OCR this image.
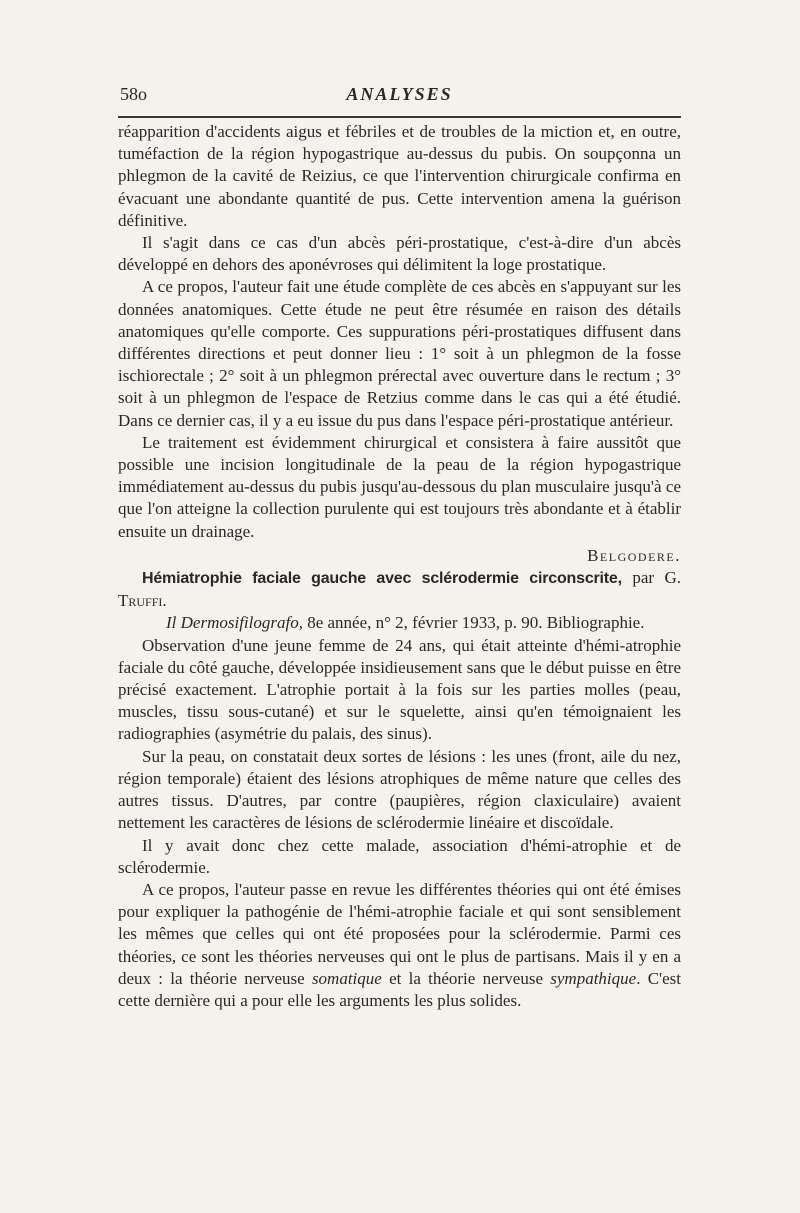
58o	ANALYSES

réapparition d'accidents aigus et fébriles et de troubles de la miction et, en outre, tuméfaction de la région hypogastrique au-dessus du pubis. On soupçonna un phlegmon de la cavité de Reizius, ce que l'intervention chirurgicale confirma en évacuant une abondante quantité de pus. Cette intervention amena la guérison définitive.

Il s'agit dans ce cas d'un abcès péri-prostatique, c'est-à-dire d'un abcès développé en dehors des aponévroses qui délimitent la loge prostatique.

A ce propos, l'auteur fait une étude complète de ces abcès en s'appuyant sur les données anatomiques. Cette étude ne peut être résumée en raison des détails anatomiques qu'elle comporte. Ces suppurations péri-prostatiques diffusent dans différentes directions et peut donner lieu : 1° soit à un phlegmon de la fosse ischiorectale ; 2° soit à un phlegmon prérectal avec ouverture dans le rectum ; 3° soit à un phlegmon de l'espace de Retzius comme dans le cas qui a été étudié. Dans ce dernier cas, il y a eu issue du pus dans l'espace péri-prostatique antérieur.

Le traitement est évidemment chirurgical et consistera à faire aussitôt que possible une incision longitudinale de la peau de la région hypogastrique immédiatement au-dessus du pubis jusqu'au-dessous du plan musculaire jusqu'à ce que l'on atteigne la collection purulente qui est toujours très abondante et à établir ensuite un drainage.

Belgodere.

Hémiatrophie faciale gauche avec sclérodermie circonscrite, par G. Truffi.

Il Dermosifilografo, 8e année, n° 2, février 1933, p. 90. Bibliographie.

Observation d'une jeune femme de 24 ans, qui était atteinte d'hémi-atrophie faciale du côté gauche, développée insidieusement sans que le début puisse en être précisé exactement. L'atrophie portait à la fois sur les parties molles (peau, muscles, tissu sous-cutané) et sur le squelette, ainsi qu'en témoignaient les radiographies (asymétrie du palais, des sinus).

Sur la peau, on constatait deux sortes de lésions : les unes (front, aile du nez, région temporale) étaient des lésions atrophiques de même nature que celles des autres tissus. D'autres, par contre (paupières, région claxiculaire) avaient nettement les caractères de lésions de sclérodermie linéaire et discoïdale.

Il y avait donc chez cette malade, association d'hémi-atrophie et de sclérodermie.

A ce propos, l'auteur passe en revue les différentes théories qui ont été émises pour expliquer la pathogénie de l'hémi-atrophie faciale et qui sont sensiblement les mêmes que celles qui ont été proposées pour la sclérodermie. Parmi ces théories, ce sont les théories nerveuses qui ont le plus de partisans. Mais il y en a deux : la théorie nerveuse somatique et la théorie nerveuse sympathique. C'est cette dernière qui a pour elle les arguments les plus solides.
